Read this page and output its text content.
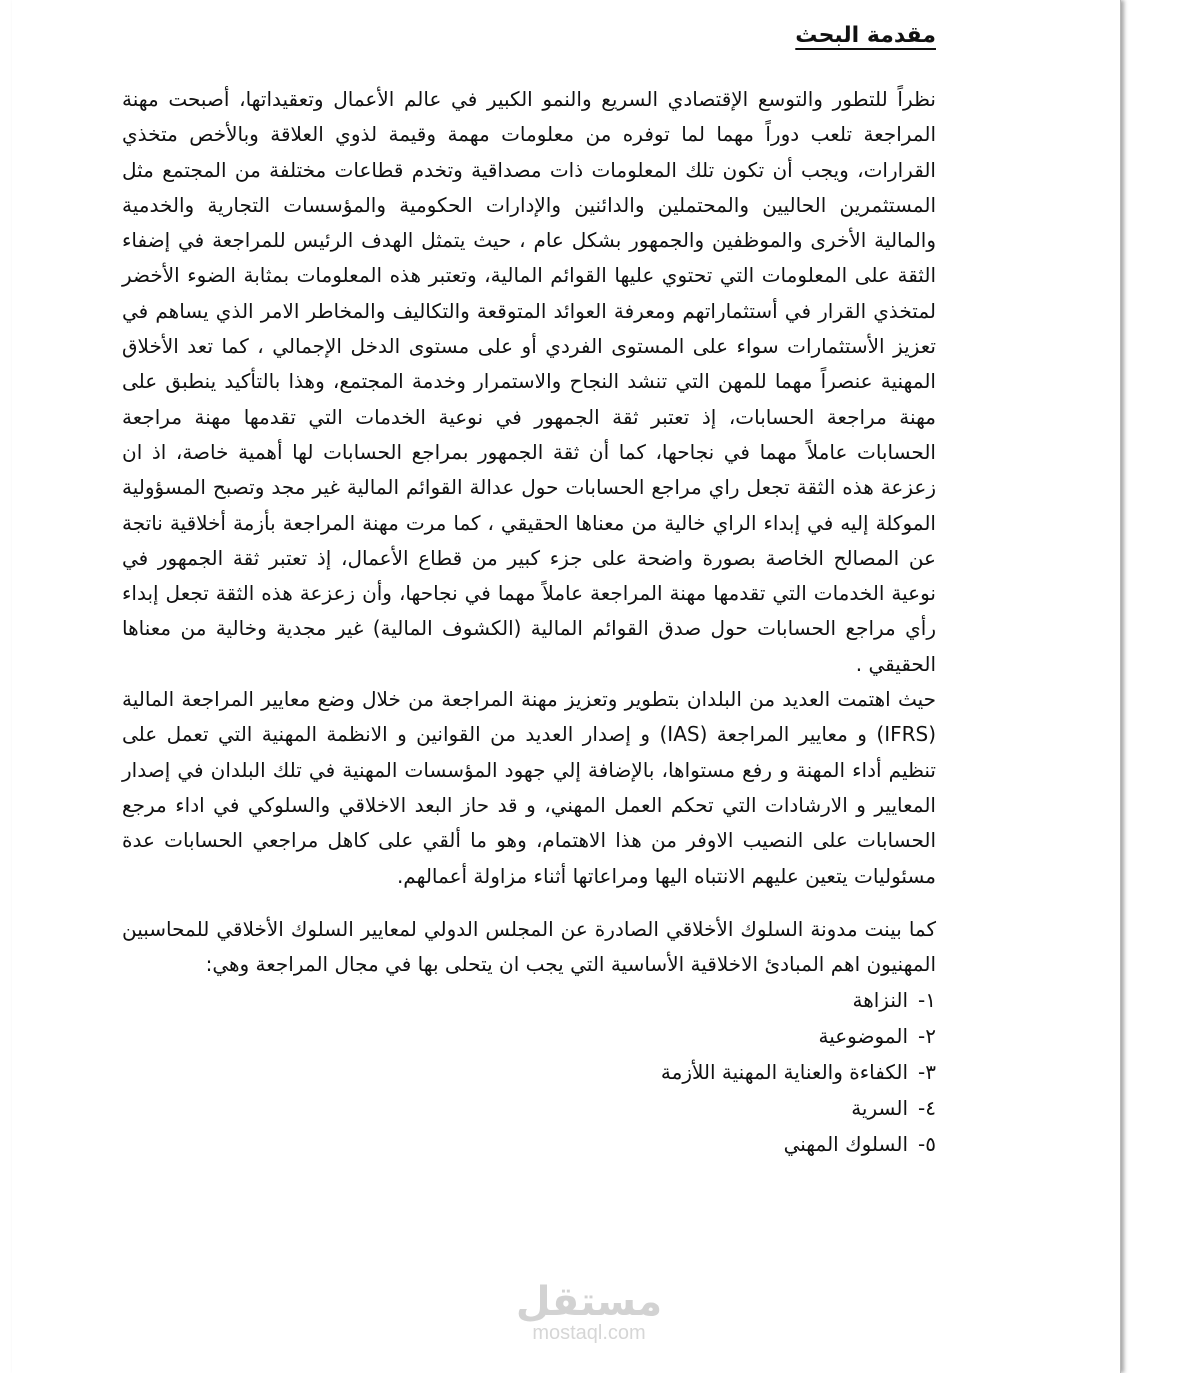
مقدمة البحث

نظراً للتطور والتوسع الإقتصادي السريع والنمو الكبير في عالم الأعمال وتعقيداتها، أصبحت مهنة المراجعة تلعب دوراً مهما لما توفره من معلومات مهمة وقيمة لذوي العلاقة وبالأخص متخذي القرارات، ويجب أن تكون تلك المعلومات ذات مصداقية وتخدم قطاعات مختلفة من المجتمع مثل المستثمرين الحاليين والمحتملين والدائنين والإدارات الحكومية والمؤسسات التجارية والخدمية والمالية الأخرى والموظفين والجمهور بشكل عام ، حيث يتمثل الهدف الرئيس للمراجعة في إضفاء الثقة على المعلومات التي تحتوي عليها القوائم المالية، وتعتبر هذه المعلومات بمثابة الضوء الأخضر لمتخذي القرار في أستثماراتهم ومعرفة العوائد المتوقعة والتكاليف والمخاطر الامر الذي يساهم في تعزيز الأستثمارات سواء على المستوى الفردي أو على مستوى الدخل الإجمالي ، كما تعد الأخلاق المهنية عنصراً مهما للمهن التي تنشد النجاح والاستمرار وخدمة المجتمع، وهذا بالتأكيد ينطبق على مهنة مراجعة الحسابات، إذ تعتبر ثقة الجمهور في نوعية الخدمات التي تقدمها مهنة مراجعة الحسابات عاملاً مهما في نجاحها، كما أن ثقة الجمهور بمراجع الحسابات لها أهمية خاصة، اذ ان زعزعة هذه الثقة تجعل راي مراجع الحسابات حول عدالة القوائم المالية غير مجد وتصبح المسؤولية الموكلة إليه في إبداء الراي خالية من معناها الحقيقي ، كما مرت مهنة المراجعة بأزمة أخلاقية ناتجة عن المصالح الخاصة بصورة واضحة على جزء كبير من قطاع الأعمال، إذ تعتبر ثقة الجمهور في نوعية الخدمات التي تقدمها مهنة المراجعة عاملاً مهما في نجاحها، وأن زعزعة هذه الثقة تجعل إبداء رأي مراجع الحسابات حول صدق القوائم المالية (الكشوف المالية) غير مجدية وخالية من معناها الحقيقي .

حيث اهتمت العديد من البلدان بتطوير وتعزيز مهنة المراجعة من خلال وضع معايير المراجعة المالية (IFRS) و معايير المراجعة (IAS) و إصدار العديد من القوانين و الانظمة المهنية التي تعمل على تنظيم أداء المهنة و رفع مستواها، بالإضافة إلي جهود المؤسسات المهنية في تلك البلدان في إصدار المعايير و الارشادات التي تحكم العمل المهني، و قد حاز البعد الاخلاقي والسلوكي في اداء مرجع الحسابات على النصيب الاوفر من هذا الاهتمام، وهو ما ألقي على كاهل مراجعي الحسابات عدة مسئوليات يتعين عليهم الانتباه اليها ومراعاتها أثناء مزاولة أعمالهم.

كما بينت مدونة السلوك الأخلاقي الصادرة عن المجلس الدولي لمعايير السلوك الأخلاقي للمحاسبين المهنيون اهم المبادئ الاخلاقية الأساسية التي يجب ان يتحلى بها في مجال المراجعة وهي:

١-النزاهة
٢-الموضوعية
٣-الكفاءة والعناية المهنية اللأزمة
٤-السرية
٥-السلوك المهني
مستقل
mostaql.com
